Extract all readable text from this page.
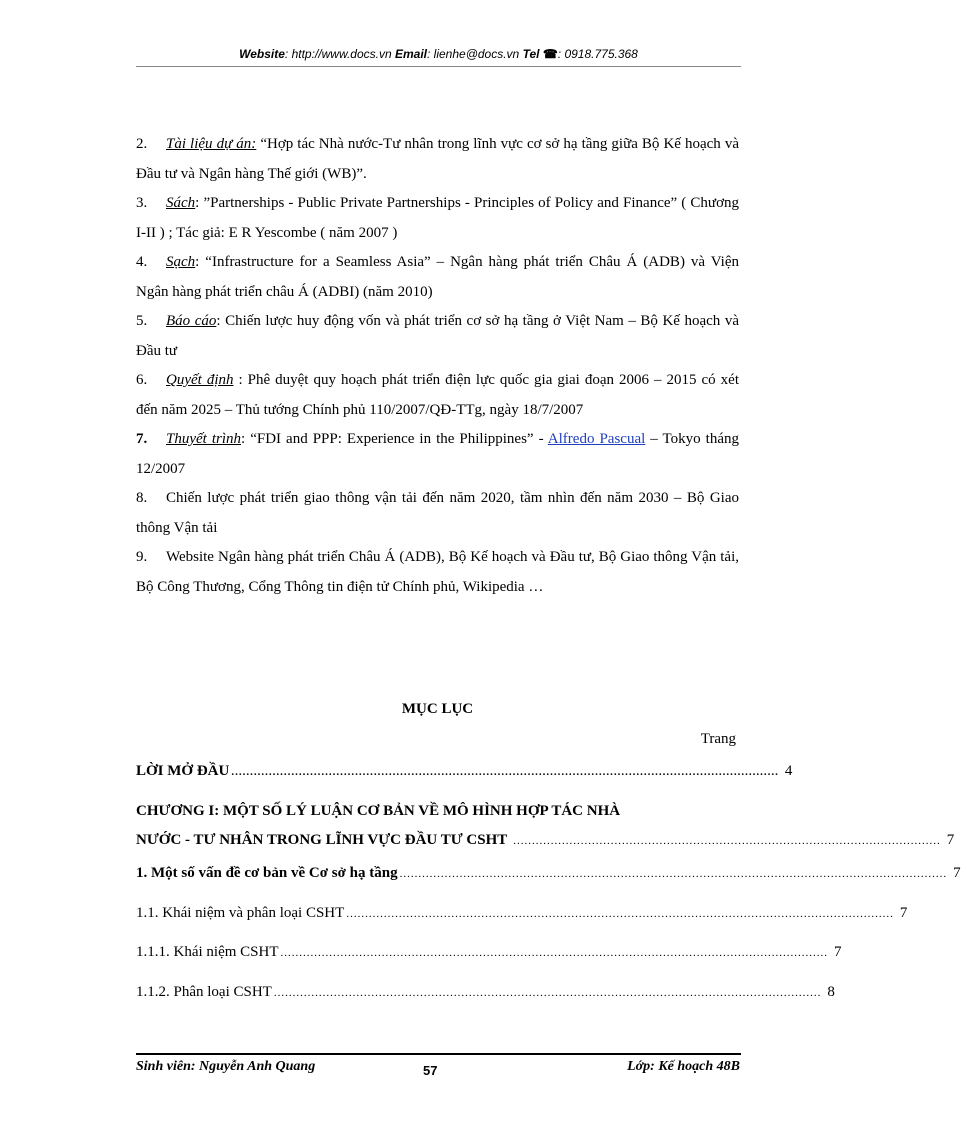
Website: http://www.docs.vn Email: lienhe@docs.vn Tel ☎: 0918.775.368

2. Tài liệu dự án: “Hợp tác Nhà nước-Tư nhân trong lĩnh vực cơ sở hạ tầng giữa Bộ Kế hoạch và Đầu tư và Ngân hàng Thế giới (WB)”.

3. Sách: ”Partnerships - Public Private Partnerships - Principles of Policy and Finance” ( Chương I-II ) ; Tác giả: E R Yescombe ( năm 2007 )

4. Sạch: “Infrastructure for a Seamless Asia” – Ngân hàng phát triển Châu Á (ADB) và Viện Ngân hàng phát triển châu Á (ADBI) (năm 2010)

5. Báo cáo: Chiến lược huy động vốn và phát triển cơ sở hạ tầng ở Việt Nam – Bộ Kế hoạch và Đầu tư

6. Quyết định : Phê duyệt quy hoạch phát triển điện lực quốc gia giai đoạn 2006 – 2015 có xét đến năm 2025 – Thủ tướng Chính phủ 110/2007/QĐ-TTg, ngày 18/7/2007

7. Thuyết trình: “FDI and PPP: Experience in the Philippines” - Alfredo Pascual – Tokyo tháng 12/2007

8. Chiến lược phát triển giao thông vận tải đến năm 2020, tầm nhìn đến năm 2030 – Bộ Giao thông Vận tải

9. Website Ngân hàng phát triển Châu Á (ADB), Bộ Kế hoạch và Đầu tư, Bộ Giao thông Vận tải, Bộ Công Thương, Cổng Thông tin điện tử Chính phủ, Wikipedia …

MỤC LỤC
Trang
LỜI MỞ ĐẦU .................................................................................................................................................. 4
CHƯƠNG I: MỘT SỐ LÝ LUẬN CƠ BẢN VỀ MÔ HÌNH HỢP TÁC NHÀ
NƯỚC - TƯ NHÂN TRONG LĨNH VỰC ĐẦU TƯ CSHT .................................................................................................................. 7
1. Một số vấn đề cơ bản về Cơ sở hạ tầng .................................................................................................................................................. 7
1.1. Khái niệm và phân loại CSHT .................................................................................................................................................. 7
1.1.1. Khái niệm CSHT .................................................................................................................................................. 7
1.1.2. Phân loại CSHT .................................................................................................................................................. 8
Sinh viên: Nguyễn Anh Quang	57	Lớp: Kế hoạch 48B
